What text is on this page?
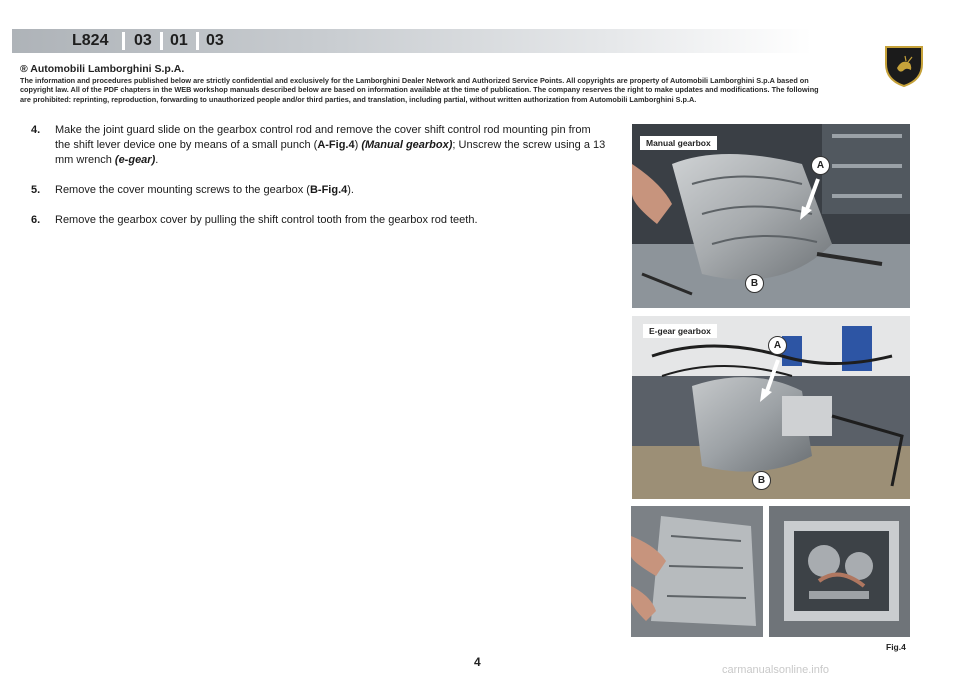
L824 03 01 03
® Automobili Lamborghini S.p.A.
The information and procedures published below are strictly confidential and exclusively for the Lamborghini Dealer Network and Authorized Service Points. All copyrights are property of Automobili Lamborghini S.p.A based on copyright law. All of the PDF chapters in the WEB workshop manuals described below are based on information available at the time of publication. The company reserves the right to make updates and modifications. The following are prohibited: reprinting, reproduction, forwarding to unauthorized people and/or third parties, and translation, including partial, without written authorization from Automobili Lamborghini S.p.A.
4.	Make the joint guard slide on the gearbox control rod and remove the cover shift control rod mounting pin from the shift lever device one by means of a small punch (A-Fig.4) (Manual gearbox); Unscrew the screw using a 13 mm wrench (e-gear).
5.	Remove the cover mounting screws to the gearbox (B-Fig.4).
6.	Remove the gearbox cover by pulling the shift control tooth from the gearbox rod teeth.
Manual gearbox
A
B
E-gear gearbox
A
B
Fig.4
4
carmanualsonline.info
